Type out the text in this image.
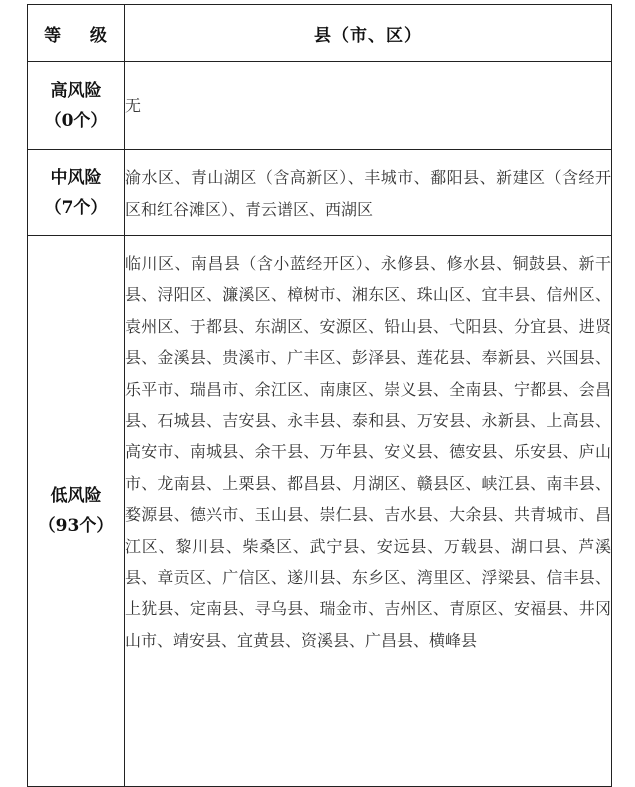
等    级	县（市、区）

高风险
（0个）	无

中风险
（7个）	渝水区、青山湖区（含高新区）、丰城市、鄱阳县、新建区（含经开区和红谷滩区）、青云谱区、西湖区

低风险
（93个）	临川区、南昌县（含小蓝经开区）、永修县、修水县、铜鼓县、新干县、浔阳区、濂溪区、樟树市、湘东区、珠山区、宜丰县、信州区、袁州区、于都县、东湖区、安源区、铅山县、弋阳县、分宜县、进贤县、金溪县、贵溪市、广丰区、彭泽县、莲花县、奉新县、兴国县、乐平市、瑞昌市、余江区、南康区、崇义县、全南县、宁都县、会昌县、石城县、吉安县、永丰县、泰和县、万安县、永新县、上高县、高安市、南城县、余干县、万年县、安义县、德安县、乐安县、庐山市、龙南县、上栗县、都昌县、月湖区、赣县区、峡江县、南丰县、婺源县、德兴市、玉山县、崇仁县、吉水县、大余县、共青城市、昌江区、黎川县、柴桑区、武宁县、安远县、万载县、湖口县、芦溪县、章贡区、广信区、遂川县、东乡区、湾里区、浮梁县、信丰县、上犹县、定南县、寻乌县、瑞金市、吉州区、青原区、安福县、井冈山市、靖安县、宜黄县、资溪县、广昌县、横峰县
